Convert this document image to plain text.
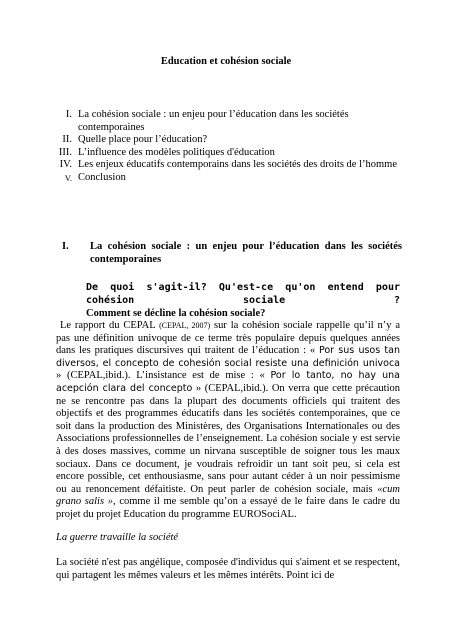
Education et cohésion sociale
I. La cohésion sociale : un enjeu pour l’éducation dans les sociétés contemporaines
II. Quelle place pour l’éducation?
III. L’influence des modèles politiques d'éducation
IV. Les enjeux éducatifs contemporains dans les sociétés des droits de l’homme
V. Conclusion
I.	La cohésion sociale : un enjeu pour l’éducation dans les sociétés contemporaines
De quoi s'agit-il? Qu'est-ce qu'on entend pour cohésion sociale ?
Comment se décline la cohésion sociale?
Le rapport du CEPAL (CEPAL, 2007) sur la cohésion sociale rappelle qu’il n’y a pas une définition univoque de ce terme très populaire depuis quelques années dans les pratiques discursives qui traitent de l’éducation : « Por sus usos tan diversos, el concepto de cohesión social resiste una definición univoca » (CEPAL,ibid.). L’insistance est de mise : « Por lo tanto, no hay una acepción clara del concepto » (CEPAL,ibid.). On verra que cette précaution ne se rencontre pas dans la plupart des documents officiels qui traitent des objectifs et des programmes éducatifs dans les sociétés contemporaines, que ce soit dans la production des Ministères, des Organisations Internationales ou des Associations professionnelles de l’enseignement. La cohésion sociale y est servie à des doses massives, comme un nirvana susceptible de soigner tous les maux sociaux. Dans ce document, je voudrais refroidir un tant soit peu, si cela est encore possible, cet enthousiasme, sans pour autant céder à un noir pessimisme ou au renoncement défaitiste. On peut parler de cohésion sociale, mais «cum grano salis », comme il me semble qu’on a essayé de le faire dans le cadre du projet du projet Education du programme EUROSociAL.
La guerre travaille la société
La société n'est pas angélique, composée d'individus qui s'aiment et se respectent, qui partagent les mêmes valeurs et les mêmes intérêts. Point ici de
